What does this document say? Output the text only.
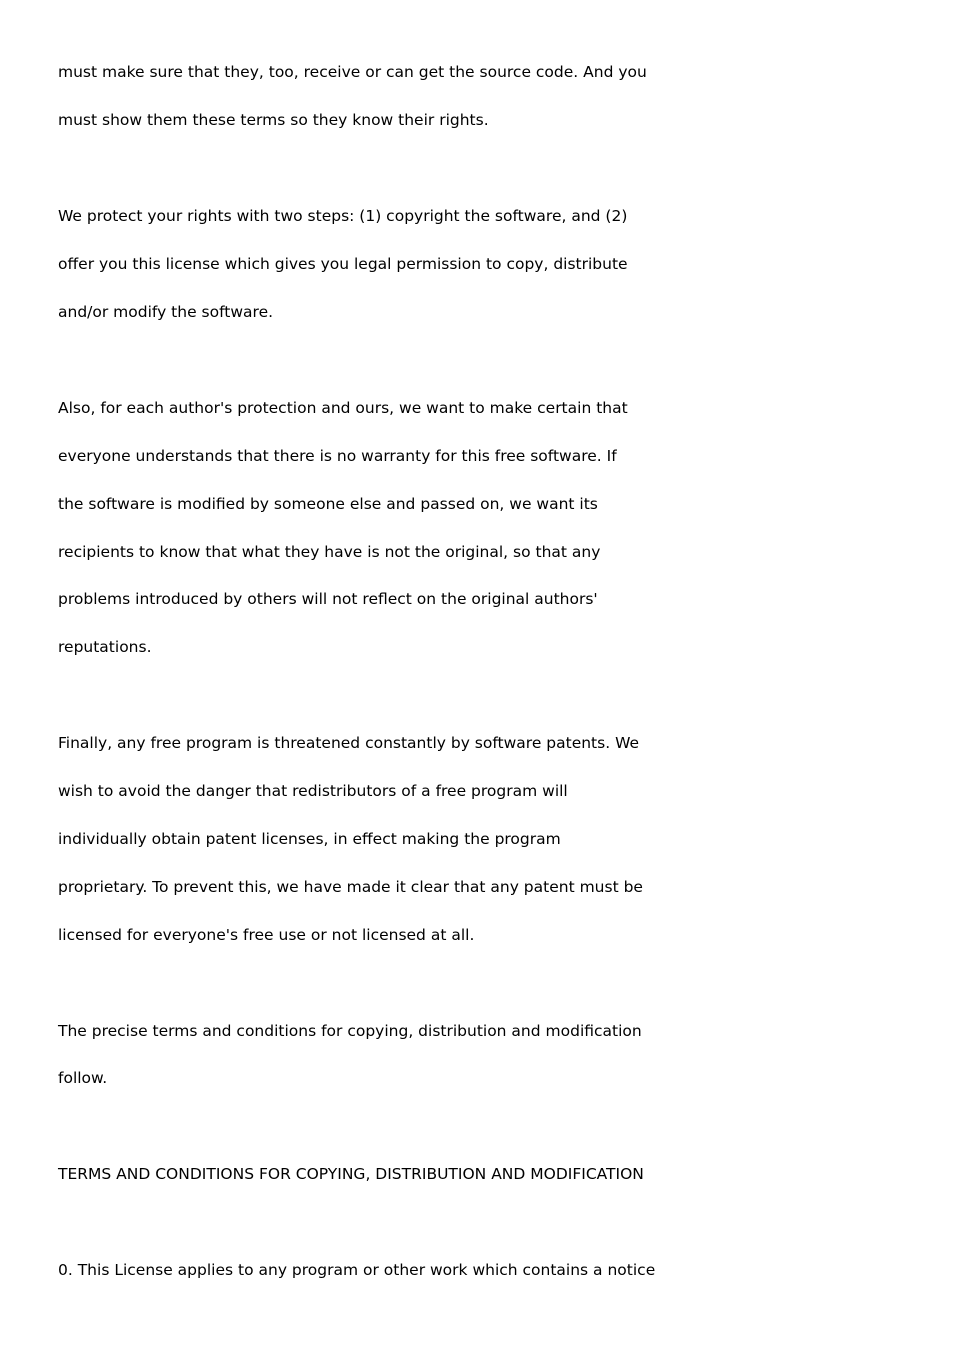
must make sure that they, too, receive or can get the source code. And you
must show them these terms so they know their rights.
We protect your rights with two steps: (1) copyright the software, and (2)
offer you this license which gives you legal permission to copy, distribute
and/or modify the software.
Also, for each author's protection and ours, we want to make certain that
everyone understands that there is no warranty for this free software. If
the software is modified by someone else and passed on, we want its
recipients to know that what they have is not the original, so that any
problems introduced by others will not reflect on the original authors'
reputations.
Finally, any free program is threatened constantly by software patents. We
wish to avoid the danger that redistributors of a free program will
individually obtain patent licenses, in effect making the program
proprietary. To prevent this, we have made it clear that any patent must be
licensed for everyone's free use or not licensed at all.
The precise terms and conditions for copying, distribution and modification
follow.
TERMS AND CONDITIONS FOR COPYING, DISTRIBUTION AND MODIFICATION
0. This License applies to any program or other work which contains a notice
